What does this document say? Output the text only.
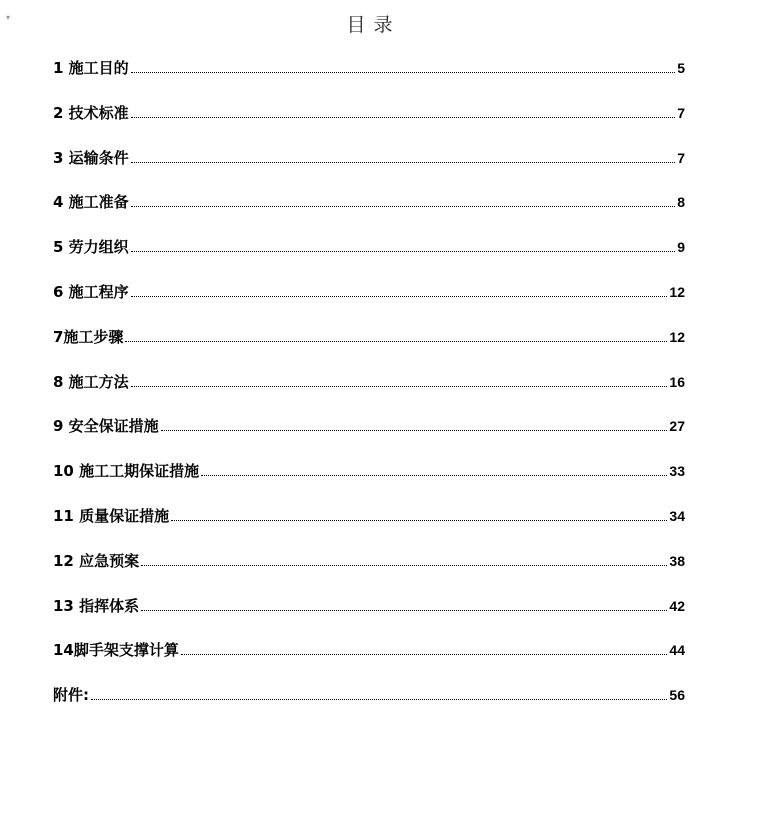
▾	目 录
1 施工目的	5
2 技术标准	7
3 运输条件	7
4 施工准备	8
5 劳力组织	9
6 施工程序	12
7施工步骤	12
8 施工方法	16
9 安全保证措施	27
10 施工工期保证措施	33
11 质量保证措施	34
12 应急预案	38
13 指挥体系	42
14脚手架支撑计算	44
附件:	56
